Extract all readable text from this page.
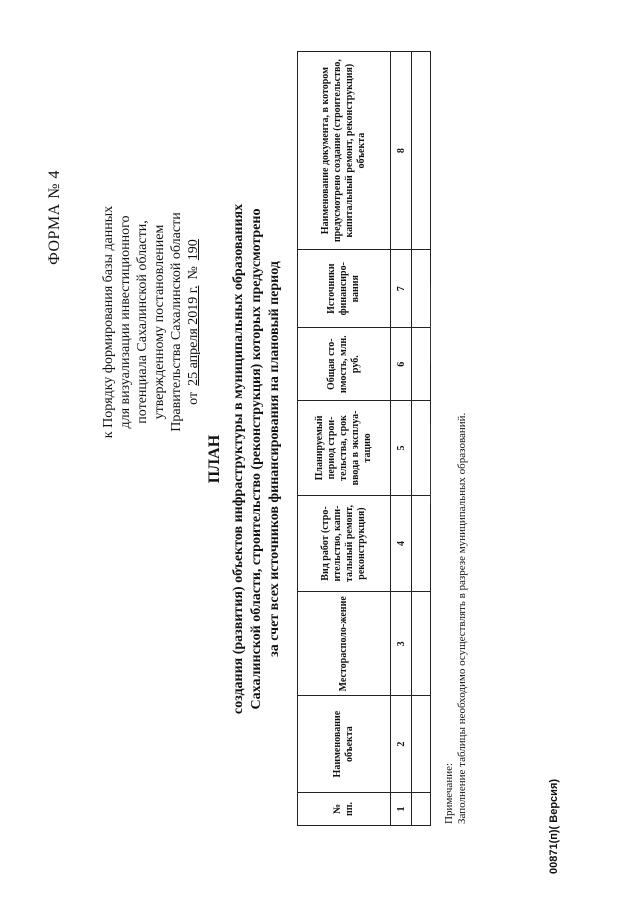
ФОРМА № 4	к Порядку формирования базы данных для визуализации инвестиционного потенциала Сахалинской области, утвержденному постановлением Правительства Сахалинской области от
25 апреля 2019 г.
№
190
ПЛАН создания (развития) объектов инфраструктуры в муниципальных образованиях Сахалинской области, строительство (реконструкция) которых предусмотрено за счет всех источников финансирования на плановый период
№ пп.	Наименование объекта	Месторасполо-жение	Вид работ (стро-ительство, капи-тальный ремонт, реконструкция)	Планируемый период строи-тельства, срок ввода в эксплуа-тацию	Общая сто-имость, млн. руб.	Источники финансиро-вания	Наименование документа, в котором предусмотрено создание (строительство, капитальный ремонт, реконструкция) объекта
1	2	3	4	5	6	7	8

Примечание: Заполнение таблицы необходимо осуществлять в разрезе муниципальных образований.
00871(п)( Версия)
